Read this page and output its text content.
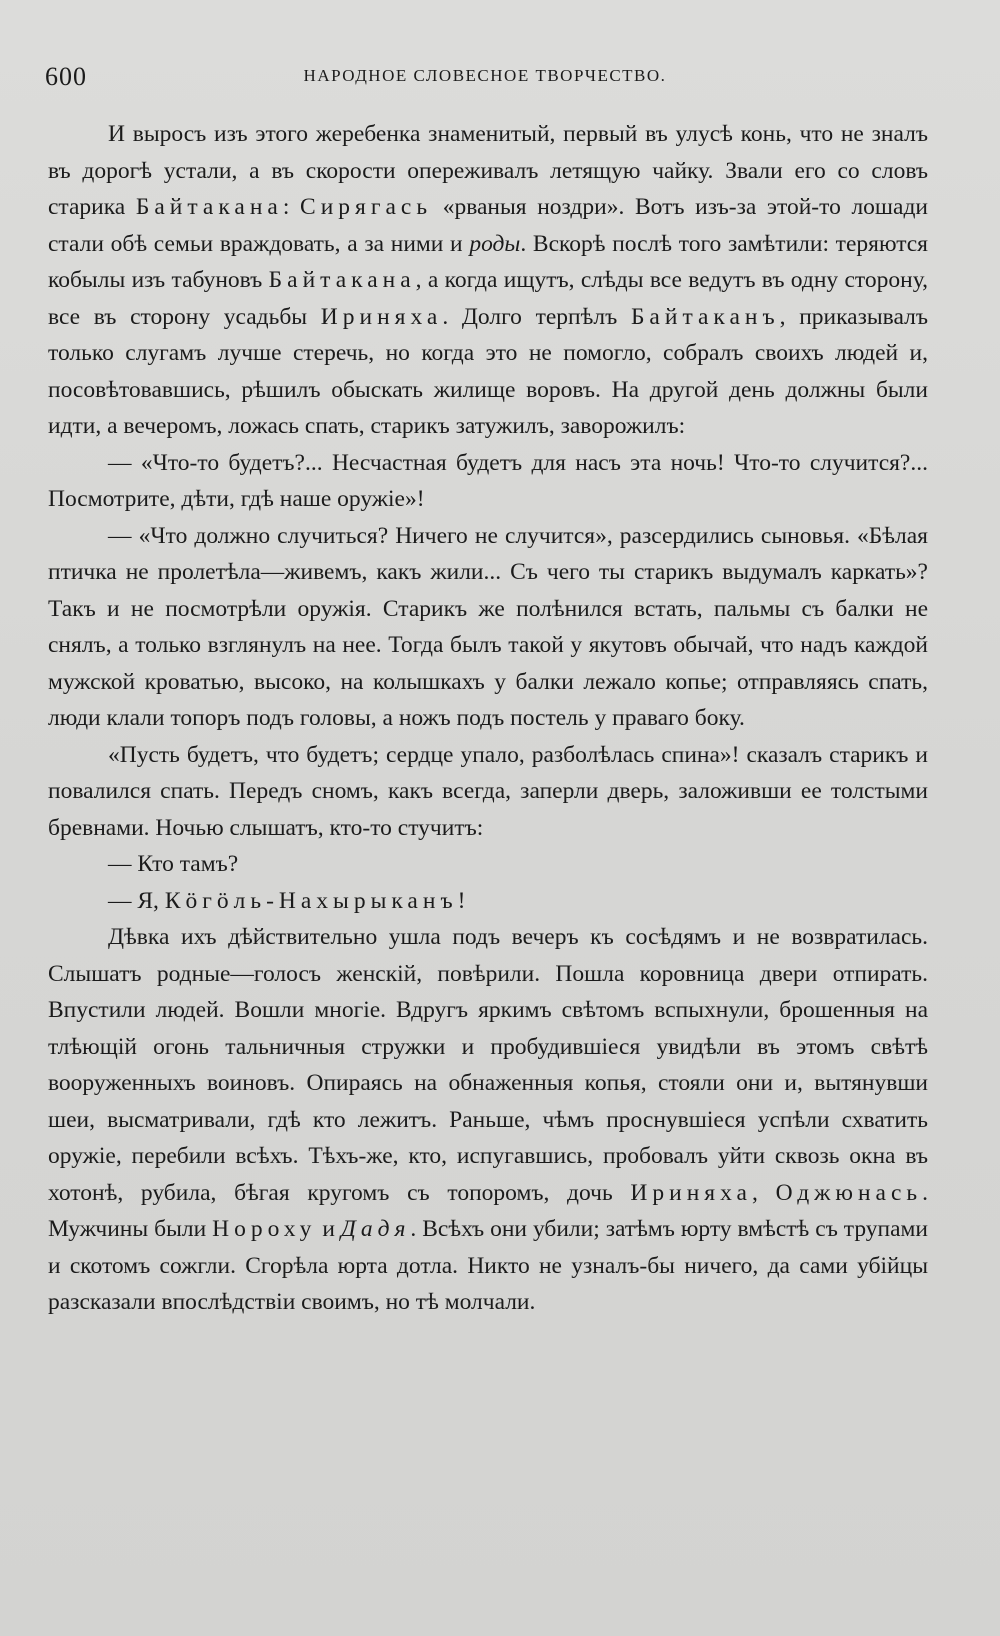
600	НАРОДНОЕ СЛОВЕСНОЕ ТВОРЧЕСТВО.

И выросъ изъ этого жеребенка знаменитый, первый въ улусѣ конь, что не зналъ въ дорогѣ устали, а въ скорости опереживалъ летящую чайку. Звали его со словъ старика Байтакана: Сирягась «рваныя ноздри». Вотъ изъ-за этой-то лошади стали обѣ семьи враждовать, а за ними и роды. Вскорѣ послѣ того замѣтили: теряются кобылы изъ табуновъ Байтакана, а когда ищутъ, слѣды все ведутъ въ одну сторону, все въ сторону усадьбы Ириняха. Долго терпѣлъ Байтаканъ, приказывалъ только слугамъ лучше стеречь, но когда это не помогло, собралъ своихъ людей и, посовѣтовавшись, рѣшилъ обыскать жилище воровъ. На другой день должны были идти, а вечеромъ, ложась спать, старикъ затужилъ, заворожилъ:

— «Что-то будетъ?... Несчастная будетъ для насъ эта ночь! Что-то случится?... Посмотрите, дѣти, гдѣ наше оружіе»!

— «Что должно случиться? Ничего не случится», разсердились сыновья. «Бѣлая птичка не пролетѣла—живемъ, какъ жили... Съ чего ты старикъ выдумалъ каркать»? Такъ и не посмотрѣли оружія. Старикъ же полѣнился встать, пальмы съ балки не снялъ, а только взглянулъ на нее. Тогда былъ такой у якутовъ обычай, что надъ каждой мужской кроватью, высоко, на колышкахъ у балки лежало копье; отправляясь спать, люди клали топоръ подъ головы, а ножъ подъ постель у праваго боку.

«Пусть будетъ, что будетъ; сердце упало, разболѣлась спина»! сказалъ старикъ и повалился спать. Передъ сномъ, какъ всегда, заперли дверь, заложивши ее толстыми бревнами. Ночью слышатъ, кто-то стучитъ:

— Кто тамъ?

— Я, Кӧгӧль-Нахырыканъ!

Дѣвка ихъ дѣйствительно ушла подъ вечеръ къ сосѣдямъ и не возвратилась. Слышатъ родные—голосъ женскій, повѣрили. Пошла коровница двери отпирать. Впустили людей. Вошли многіе. Вдругъ яркимъ свѣтомъ вспыхнули, брошенныя на тлѣющій огонь тальничныя стружки и пробудившіеся увидѣли въ этомъ свѣтѣ вооруженныхъ воиновъ. Опираясь на обнаженныя копья, стояли они и, вытянувши шеи, высматривали, гдѣ кто лежитъ. Раньше, чѣмъ проснувшіеся успѣли схватить оружіе, перебили всѣхъ. Тѣхъ-же, кто, испугавшись, пробовалъ уйти сквозь окна въ хотонѣ, рубила, бѣгая кругомъ съ топоромъ, дочь Ириняха, Оджюнась. Мужчины были Нороху и Дадя. Всѣхъ они убили; затѣмъ юрту вмѣстѣ съ трупами и скотомъ сожгли. Сгорѣла юрта дотла. Никто не узналъ-бы ничего, да сами убійцы разсказали впослѣдствіи своимъ, но тѣ молчали.
